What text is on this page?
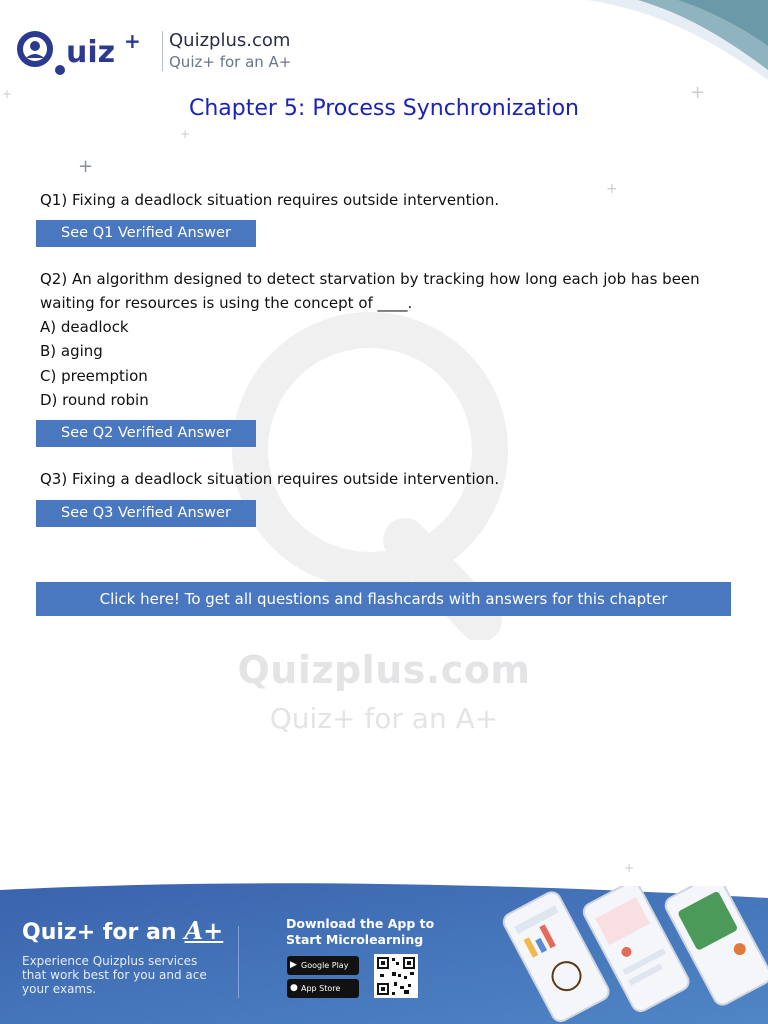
+
+
+
+
+
+
Quizplus.com
Quiz+ for an A+
uiz + Quizplus.com
Quiz+ for an A+
Chapter 5: Process Synchronization
Q1) Fixing a deadlock situation requires outside intervention.
See Q1 Verified Answer
Q2) An algorithm designed to detect starvation by tracking how long each job has been
waiting for resources is using the concept of ____.
A) deadlock
B) aging
C) preemption
D) round robin
See Q2 Verified Answer
Q3) Fixing a deadlock situation requires outside intervention.
See Q3 Verified Answer
Click here! To get all questions and flashcards with answers for this chapter
Quiz+ for an A+
Experience Quizplus services that work best for you and ace your exams.
Download the App to Start Microlearning
▶ Google Play
● App Store
